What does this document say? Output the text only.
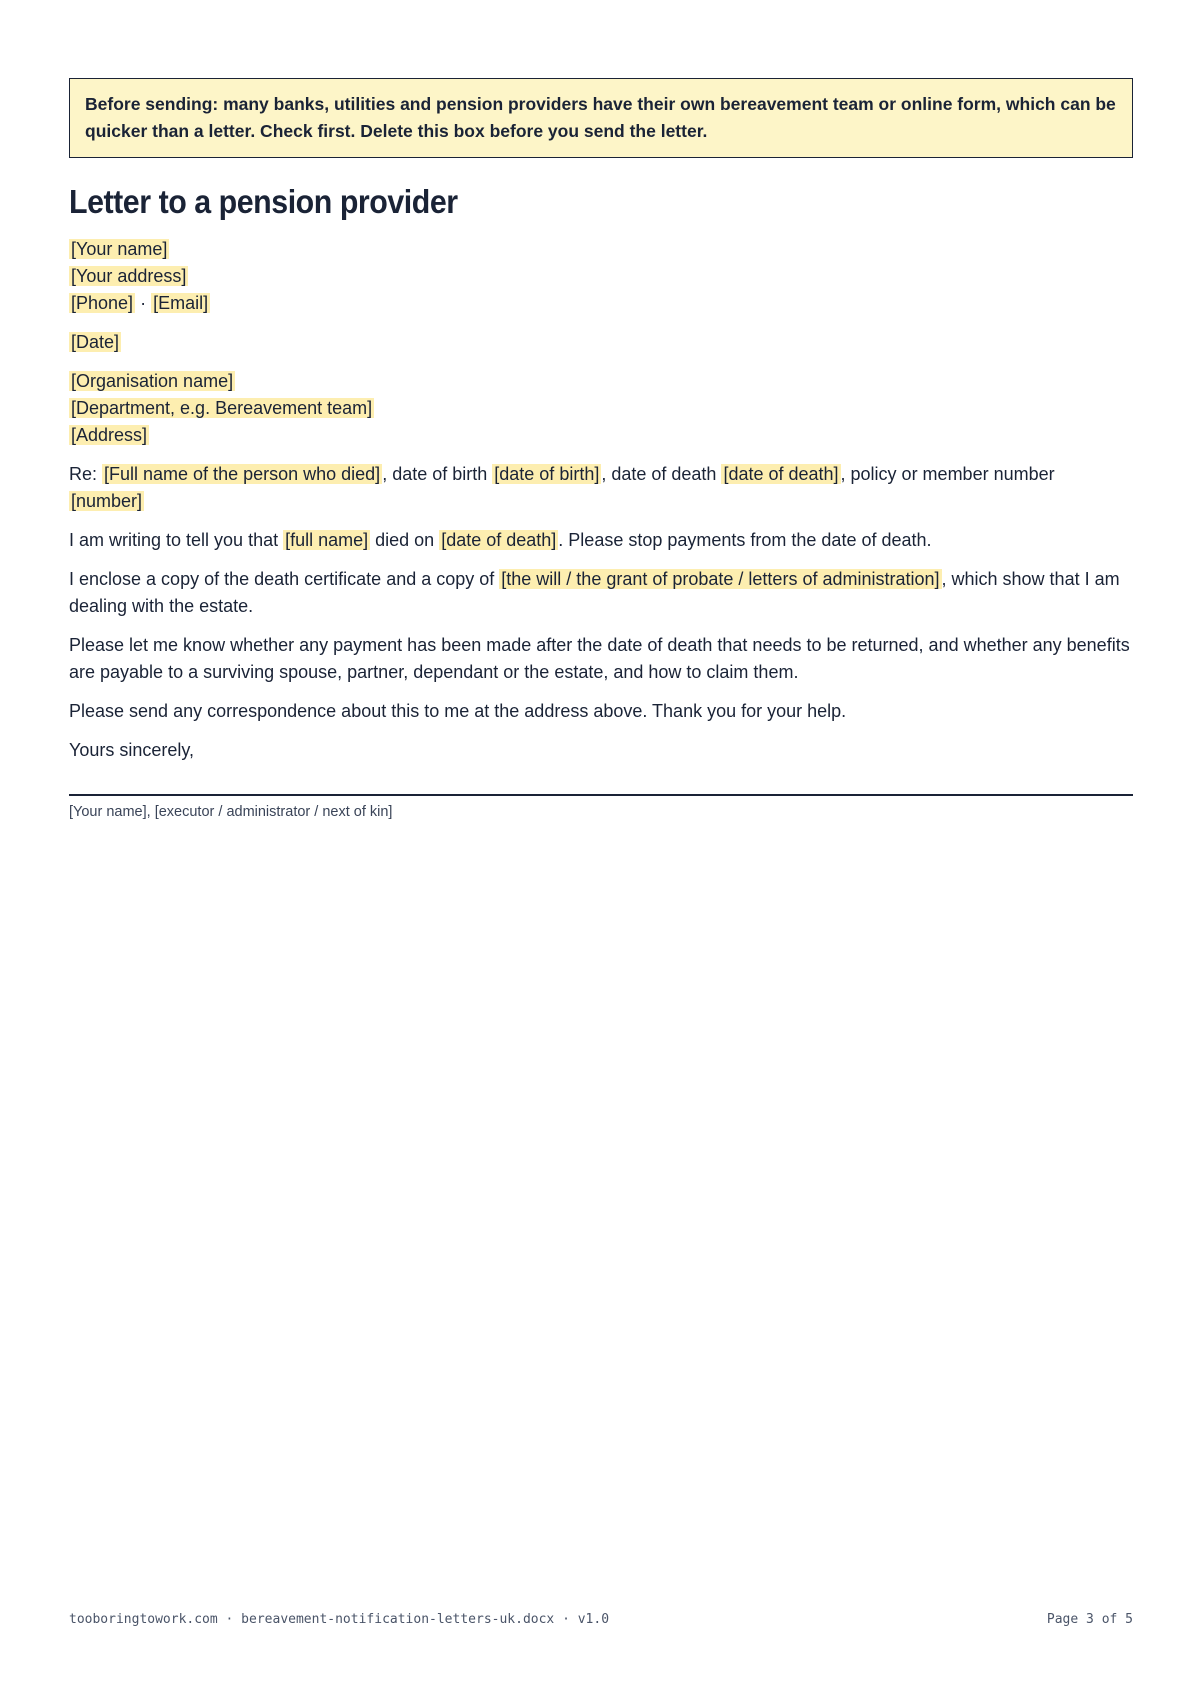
Before sending: many banks, utilities and pension providers have their own bereavement team or online form, which can be quicker than a letter. Check first. Delete this box before you send the letter.
Letter to a pension provider

[Your name]

[Your address]

[Phone] · [Email]

[Date]

[Organisation name]

[Department, e.g. Bereavement team]

[Address]

Re: [Full name of the person who died] , date of birth [date of birth] , date of death [date of death] , policy or member number [number]

I am writing to tell you that [full name] died on [date of death] . Please stop payments from the date of death.

I enclose a copy of the death certificate and a copy of [the will / the grant of probate / letters of administration] , which show that I am dealing with the estate.

Please let me know whether any payment has been made after the date of death that needs to be returned, and whether any benefits are payable to a surviving spouse, partner, dependant or the estate, and how to claim them.

Please send any correspondence about this to me at the address above. Thank you for your help.

Yours sincerely,

[Your name], [executor / administrator / next of kin]
tooboringtowork.com · bereavement-notification-letters-uk.docx · v1.0	Page 3 of 5
